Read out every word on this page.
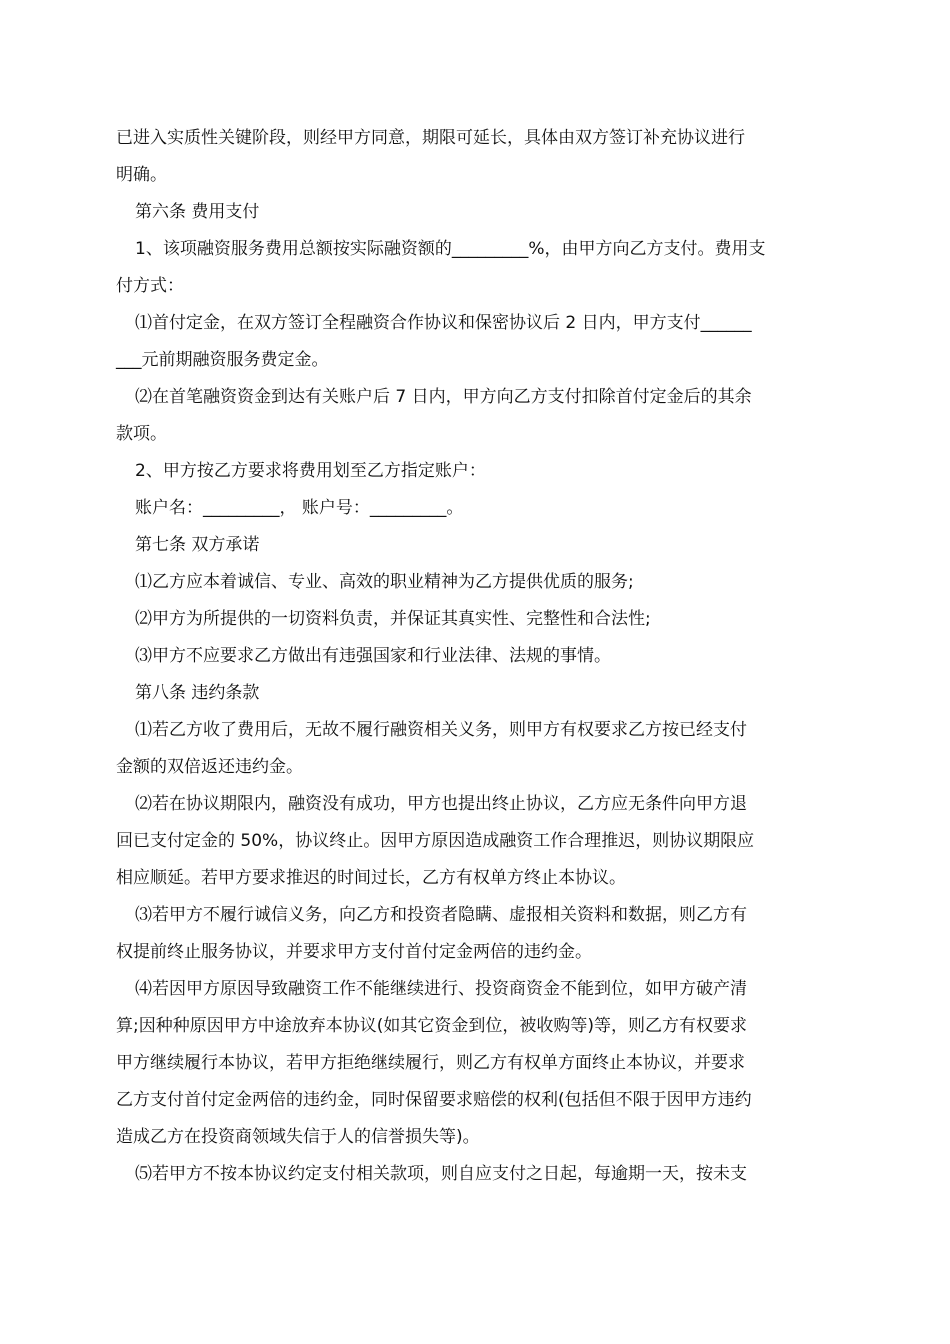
已进入实质性关键阶段，则经甲方同意，期限可延长，具体由双方签订补充协议进行

明确。

第六条 费用支付

1、该项融资服务费用总额按实际融资额的_________%，由甲方向乙方支付。费用支

付方式：

⑴首付定金，在双方签订全程融资合作协议和保密协议后 2 日内，甲方支付______

___元前期融资服务费定金。

⑵在首笔融资资金到达有关账户后 7 日内，甲方向乙方支付扣除首付定金后的其余

款项。

2、甲方按乙方要求将费用划至乙方指定账户：

账户名：_________， 账户号：_________。

第七条 双方承诺

⑴乙方应本着诚信、专业、高效的职业精神为乙方提供优质的服务;

⑵甲方为所提供的一切资料负责，并保证其真实性、完整性和合法性;

⑶甲方不应要求乙方做出有违强国家和行业法律、法规的事情。

第八条 违约条款

⑴若乙方收了费用后，无故不履行融资相关义务，则甲方有权要求乙方按已经支付

金额的双倍返还违约金。

⑵若在协议期限内，融资没有成功，甲方也提出终止协议，乙方应无条件向甲方退

回已支付定金的 50%，协议终止。因甲方原因造成融资工作合理推迟，则协议期限应

相应顺延。若甲方要求推迟的时间过长，乙方有权单方终止本协议。

⑶若甲方不履行诚信义务，向乙方和投资者隐瞒、虚报相关资料和数据，则乙方有

权提前终止服务协议，并要求甲方支付首付定金两倍的违约金。

⑷若因甲方原因导致融资工作不能继续进行、投资商资金不能到位，如甲方破产清

算;因种种原因甲方中途放弃本协议(如其它资金到位，被收购等)等，则乙方有权要求

甲方继续履行本协议，若甲方拒绝继续履行，则乙方有权单方面终止本协议，并要求

乙方支付首付定金两倍的违约金，同时保留要求赔偿的权利(包括但不限于因甲方违约

造成乙方在投资商领域失信于人的信誉损失等)。

⑸若甲方不按本协议约定支付相关款项，则自应支付之日起，每逾期一天，按未支
